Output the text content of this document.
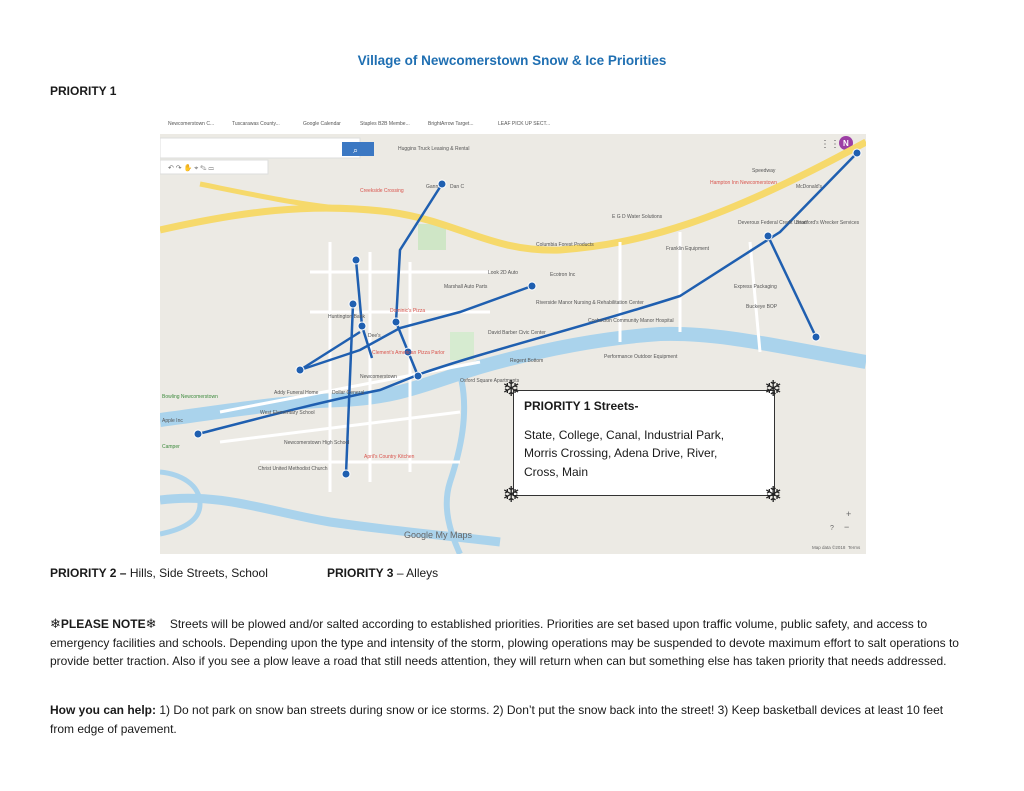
Village of Newcomerstown Snow & Ice Priorities
PRIORITY 1
Newcomerstown C...	Tuscarawas County...	Google Calendar	Staples B2B Membe...	BrightArrow Target...	LEAF PICK UP SECT...
⌕
↶ ↷ ✋ ⌖ ✎ ▭
N
⋮⋮
Huggins Truck Leasing & Rental
Creekside Crossing
Gann Dan C
Speedway
Hampton Inn Newcomerstown
McDonald's
E G D Water Solutions
Deveroux Federal Credit Union
Bradford's Wrecker Services
Columbia Forest Products
Franklin Equipment
Look 2D Auto	Ecotron Inc
Marshall Auto Parts	Express Packaging
Buckeye BOP
Riverside Manor Nursing & Rehabilitation Center
Cochocton Community Manor Hospital
David Barber Civic Center
Huntington Bank
Dominic's Pizza
Dee's
Clement's American Pizza Parlor
Performance Outdoor Equipment
Newcomerstown
Regent Bottom
Oxford Square Apartments
Addy Funeral Home	Dollar General
Bowling Newcomerstown
West Elementary School
Newcomerstown High School
Christ United Methodist Church
April's Country Kitchen
Apple Inc
Camper
Google My Maps
Map data ©2018 Terms
+
−
?
PRIORITY 1 Streets-
State, College, Canal, Industrial Park,
Morris Crossing, Adena Drive, River,
Cross, Main
❄	❄
❄	❄
PRIORITY 2 – Hills, Side Streets, School	PRIORITY 3 – Alleys
❄PLEASE NOTE❄ Streets will be plowed and/or salted according to established priorities. Priorities are set based upon traffic volume, public safety, and access to emergency facilities and schools. Depending upon the type and intensity of the storm, plowing operations may be suspended to devote maximum effort to salt operations to provide better traction. Also if you see a plow leave a road that still needs attention, they will return when can but something else has taken priority that needs addressed.
How you can help: 1) Do not park on snow ban streets during snow or ice storms. 2) Don’t put the snow back into the street! 3) Keep basketball devices at least 10 feet from edge of pavement.
